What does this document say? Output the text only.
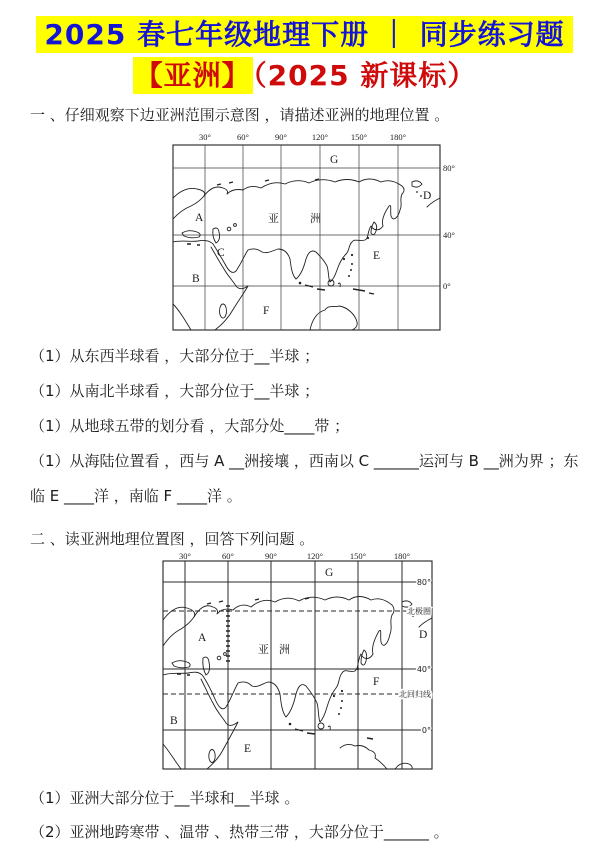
2025 春七年级地理下册 ｜ 同步练习题
【亚洲】（2025 新课标）
一 、仔细观察下边亚洲范围示意图 ，请描述亚洲的地理位置 。
30°	60°	90°	120°	150°	180°
80°
40°
0°
G
D
A
C
B
F
E
亚	洲

（1）从东西半球看 ，大部分位于__半球 ；

（1）从南北半球看 ，大部分位于__半球 ；

（1）从地球五带的划分看 ，大部分处____带 ；

（1）从海陆位置看 ，西与 A __洲接壤 ，西南以 C ______运河与 B __洲为界 ；东临 E ____洋 ，南临 F ____洋 。

二 、读亚洲地理位置图 ，回答下列问题 。
30°	60°	90°	120°	150°	180°
80°
北极圈
40°
北回归线
0°
G
D
A
B
E
F
亚 洲

（1）亚洲大部分位于__半球和__半球 。

（2）亚洲地跨寒带 、温带 、热带三带 ，大部分位于______ 。
